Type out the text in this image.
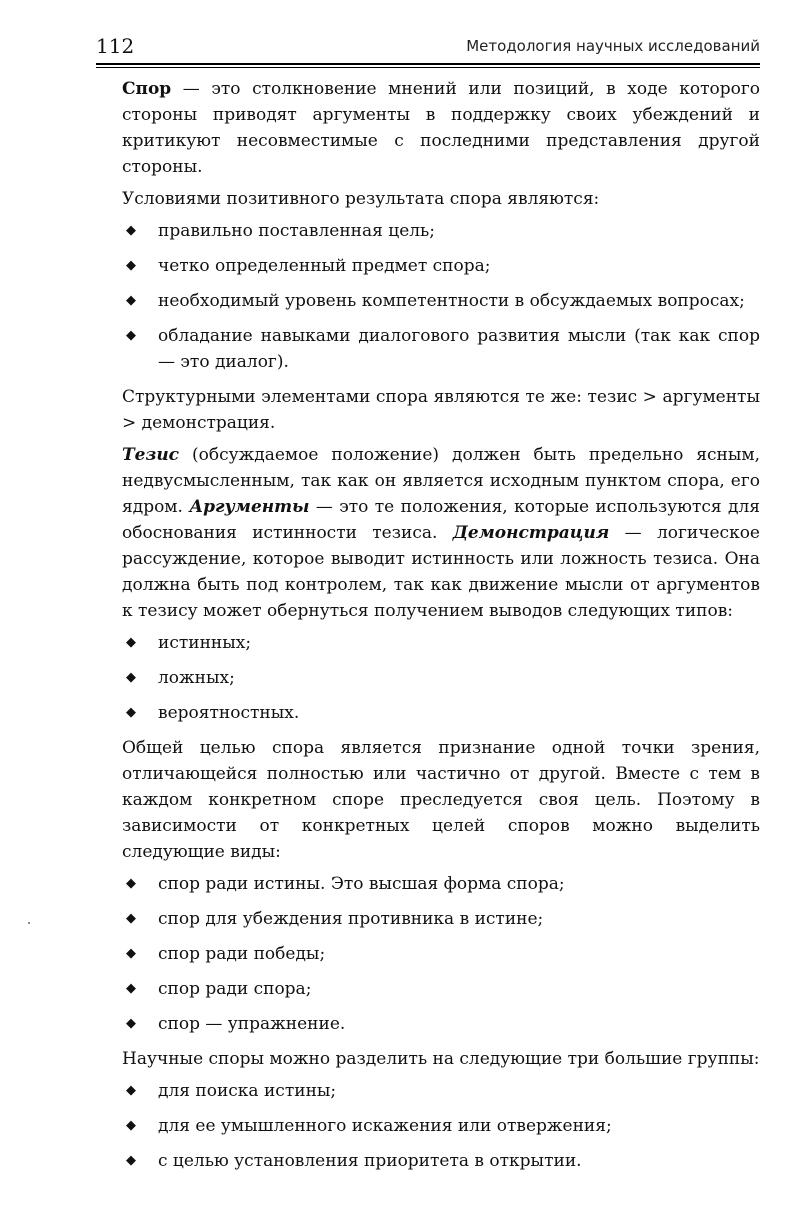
112	Методология научных исследований

Спор — это столкновение мнений или позиций, в ходе которого стороны приводят аргументы в поддержку своих убеждений и критикуют несовместимые с последними представления другой стороны.

Условиями позитивного результата спора являются:

◆ правильно поставленная цель;
◆ четко определенный предмет спора;
◆ необходимый уровень компетентности в обсуждаемых вопросах;
◆ обладание навыками диалогового развития мысли (так как спор — это диалог).

Структурными элементами спора являются те же: тезис > аргументы > демонстрация.

Тезис (обсуждаемое положение) должен быть предельно ясным, недвусмысленным, так как он является исходным пунктом спора, его ядром. Аргументы — это те положения, которые используются для обоснования истинности тезиса. Демонстрация — логическое рассуждение, которое выводит истинность или ложность тезиса. Она должна быть под контролем, так как движение мысли от аргументов к тезису может обернуться получением выводов следующих типов:

◆ истинных;
◆ ложных;
◆ вероятностных.

Общей целью спора является признание одной точки зрения, отличающейся полностью или частично от другой. Вместе с тем в каждом конкретном споре преследуется своя цель. Поэтому в зависимости от конкретных целей споров можно выделить следующие виды:

◆ спор ради истины. Это высшая форма спора;
◆ спор для убеждения противника в истине;
◆ спор ради победы;
◆ спор ради спора;
◆ спор — упражнение.

Научные споры можно разделить на следующие три большие группы:

◆ для поиска истины;
◆ для ее умышленного искажения или отвержения;
◆ с целью установления приоритета в открытии.
